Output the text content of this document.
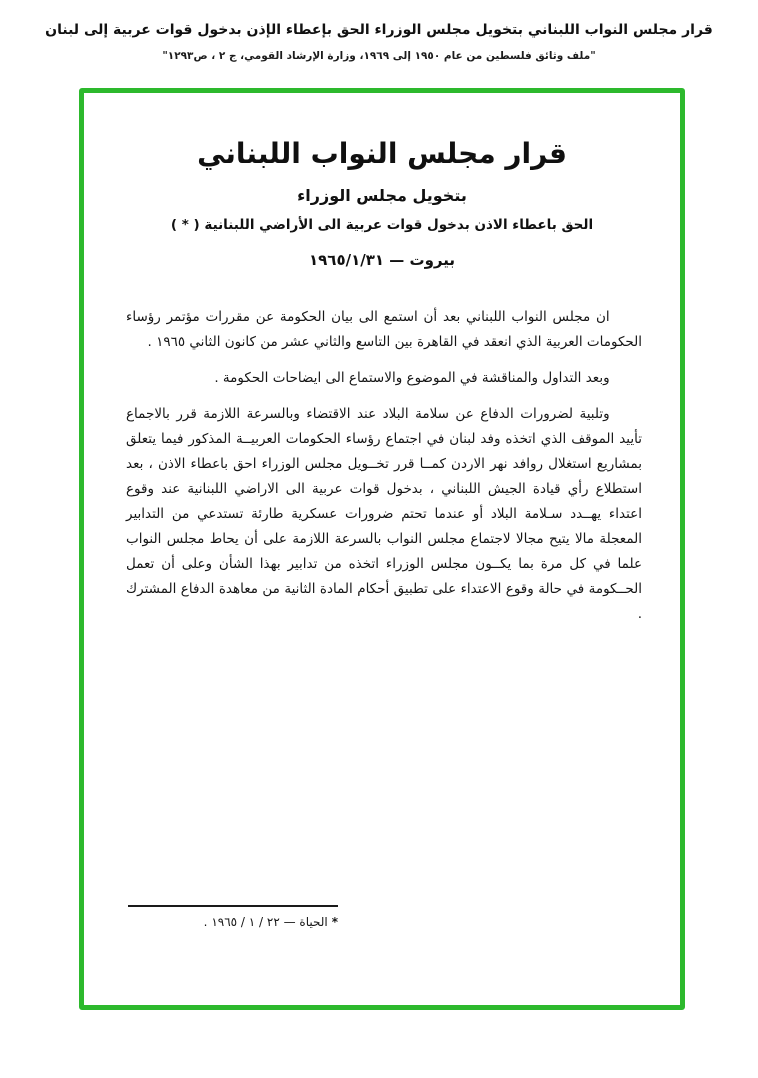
قرار مجلس النواب اللبناني بتخويل مجلس الوزراء الحق بإعطاء الإذن بدخول قوات عربية إلى لبنان
"ملف وثائق فلسطين من عام ١٩٥٠ إلى ١٩٦٩، وزارة الإرشاد القومي، ج ٢ ، ص١٢٩٣"
قرار مجلس النواب اللبناني
بتخويل مجلس الوزراء
الحق باعطاء الاذن بدخول قوات عربية الى الأراضي اللبنانية ( * )
بيروت — ١٩٦٥/١/٣١

ان مجلس النواب اللبناني بعد أن استمع الى بيان الحكومة عن مقررات مؤتمر رؤساء الحكومات العربية الذي انعقد في القاهرة بين التاسع والثاني عشر من كانون الثاني ١٩٦٥ .

وبعد التداول والمناقشة في الموضوع والاستماع الى ايضاحات الحكومة .

وتلبية لضرورات الدفاع عن سلامة البلاد عند الاقتضاء وبالسرعة اللازمة قرر بالاجماع تأييد الموقف الذي اتخذه وفد لبنان في اجتماع رؤساء الحكومات العربيــة المذكور فيما يتعلق بمشاريع استغلال روافد نهر الاردن كمــا قرر تخــويل مجلس الوزراء احق باعطاء الاذن ، بعد استطلاع رأي قيادة الجيش اللبناني ، بدخول قوات عربية الى الاراضي اللبنانية عند وقوع اعتداء يهــدد سـلامة البلاد أو عندما تحتم ضرورات عسكرية طارئة تستدعي من التدابير المعجلة مالا يتيح مجالا لاجتماع مجلس النواب بالسرعة اللازمة على أن يحاط مجلس النواب علما في كل مرة بما يكــون مجلس الوزراء اتخذه من تدابير بهذا الشأن وعلى أن تعمل الحــكومة في حالة وقوع الاعتداء على تطبيق أحكام المادة الثانية من معاهدة الدفاع المشترك .

*الحياة — ٢٢ / ١ / ١٩٦٥ .
